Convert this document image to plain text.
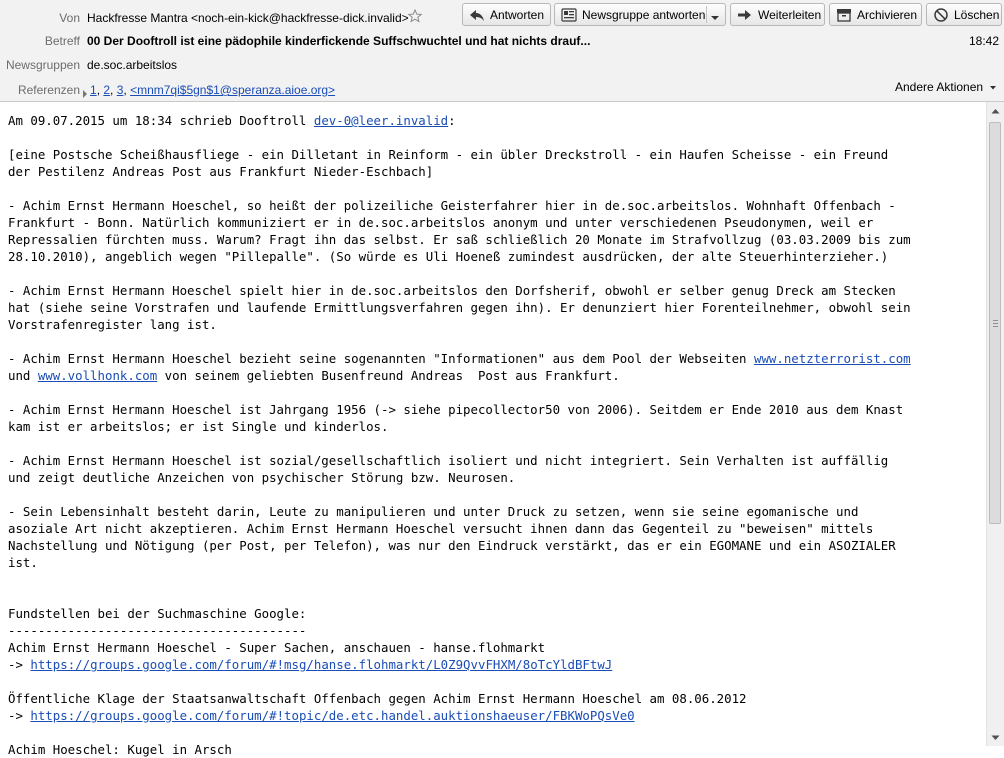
Von Hackfresse Mantra <noch-ein-kick@hackfresse-dick.invalid>	Antworten	Newsgruppe antworten	Weiterleiten	Archivieren	Löschen
Betreff 00 Der Dooftroll ist eine pädophile kinderfickende Suffschwuchtel und hat nichts drauf...	18:42
Newsgruppen de.soc.arbeitslos
Referenzen 1, 2, 3, <mnm7qi$5gn$1@speranza.aioe.org>	Andere Aktionen
Am 09.07.2015 um 18:34 schrieb Dooftroll dev-0@leer.invalid:

[eine Postsche Scheißhausfliege - ein Dilletant in Reinform - ein übler Dreckstroll - ein Haufen Scheisse - ein Freund
der Pestilenz Andreas Post aus Frankfurt Nieder-Eschbach]

- Achim Ernst Hermann Hoeschel, so heißt der polizeiliche Geisterfahrer hier in de.soc.arbeitslos. Wohnhaft Offenbach -
Frankfurt - Bonn. Natürlich kommuniziert er in de.soc.arbeitslos anonym und unter verschiedenen Pseudonymen, weil er
Repressalien fürchten muss. Warum? Fragt ihn das selbst. Er saß schließlich 20 Monate im Strafvollzug (03.03.2009 bis zum
28.10.2010), angeblich wegen "Pillepalle". (So würde es Uli Hoeneß zumindest ausdrücken, der alte Steuerhinterzieher.)

- Achim Ernst Hermann Hoeschel spielt hier in de.soc.arbeitslos den Dorfsherif, obwohl er selber genug Dreck am Stecken
hat (siehe seine Vorstrafen und laufende Ermittlungsverfahren gegen ihn). Er denunziert hier Forenteilnehmer, obwohl sein
Vorstrafenregister lang ist.

- Achim Ernst Hermann Hoeschel bezieht seine sogenannten "Informationen" aus dem Pool der Webseiten www.netzterrorist.com
und www.vollhonk.com von seinem geliebten Busenfreund Andreas  Post aus Frankfurt.

- Achim Ernst Hermann Hoeschel ist Jahrgang 1956 (-> siehe pipecollector50 von 2006). Seitdem er Ende 2010 aus dem Knast
kam ist er arbeitslos; er ist Single und kinderlos.

- Achim Ernst Hermann Hoeschel ist sozial/gesellschaftlich isoliert und nicht integriert. Sein Verhalten ist auffällig
und zeigt deutliche Anzeichen von psychischer Störung bzw. Neurosen.

- Sein Lebensinhalt besteht darin, Leute zu manipulieren und unter Druck zu setzen, wenn sie seine egomanische und
asoziale Art nicht akzeptieren. Achim Ernst Hermann Hoeschel versucht ihnen dann das Gegenteil zu "beweisen" mittels
Nachstellung und Nötigung (per Post, per Telefon), was nur den Eindruck verstärkt, das er ein EGOMANE und ein ASOZIALER
ist.

Fundstellen bei der Suchmaschine Google:
----------------------------------------
Achim Ernst Hermann Hoeschel - Super Sachen, anschauen - hanse.flohmarkt
-> https://groups.google.com/forum/#!msg/hanse.flohmarkt/L0Z9QvvFHXM/8oTcYldBFtwJ

Öffentliche Klage der Staatsanwaltschaft Offenbach gegen Achim Ernst Hermann Hoeschel am 08.06.2012
-> https://groups.google.com/forum/#!topic/de.etc.handel.auktionshaeuser/FBKWoPQsVe0

Achim Hoeschel: Kugel in Arsch
